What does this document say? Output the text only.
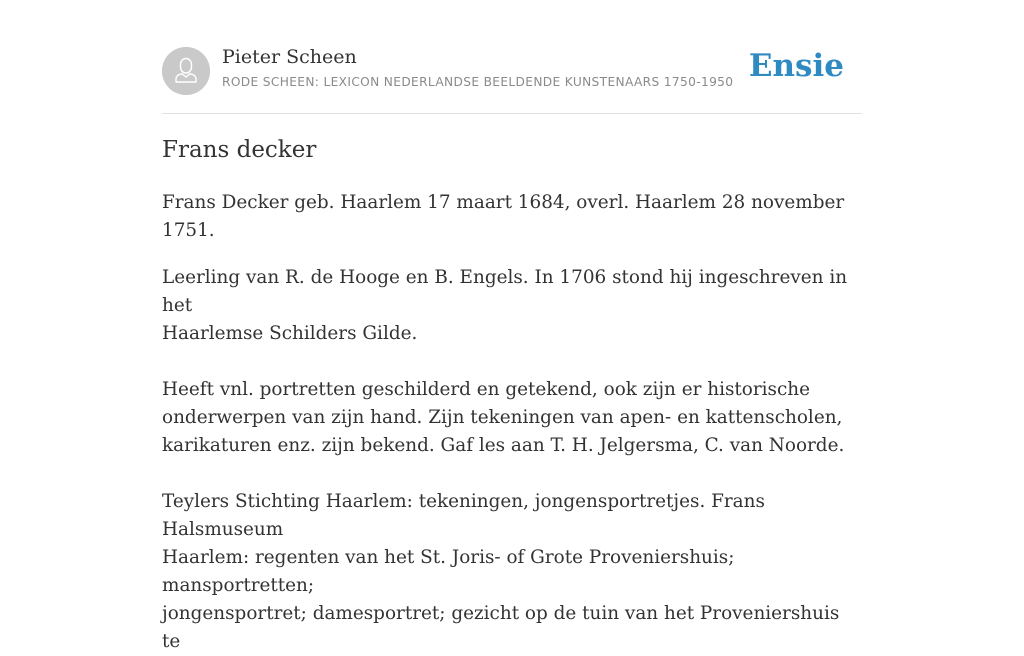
Pieter Scheen
RODE SCHEEN: LEXICON NEDERLANDSE BEELDENDE KUNSTENAARS 1750-1950 Ensie
Frans decker

Frans Decker geb. Haarlem 17 maart 1684, overl. Haarlem 28 november 1751.

Leerling van R. de Hooge en B. Engels. In 1706 stond hij ingeschreven in het
Haarlemse Schilders Gilde.

Heeft vnl. portretten geschilderd en getekend, ook zijn er historische
onderwerpen van zijn hand. Zijn tekeningen van apen- en kattenscholen,
karikaturen enz. zijn bekend. Gaf les aan T. H. Jelgersma, C. van Noorde.

Teylers Stichting Haarlem: tekeningen, jongensportretjes. Frans Halsmuseum
Haarlem: regenten van het St. Joris- of Grote Proveniershuis; mansportretten;
jongensportret; damesportret; gezicht op de tuin van het Proveniershuis te
